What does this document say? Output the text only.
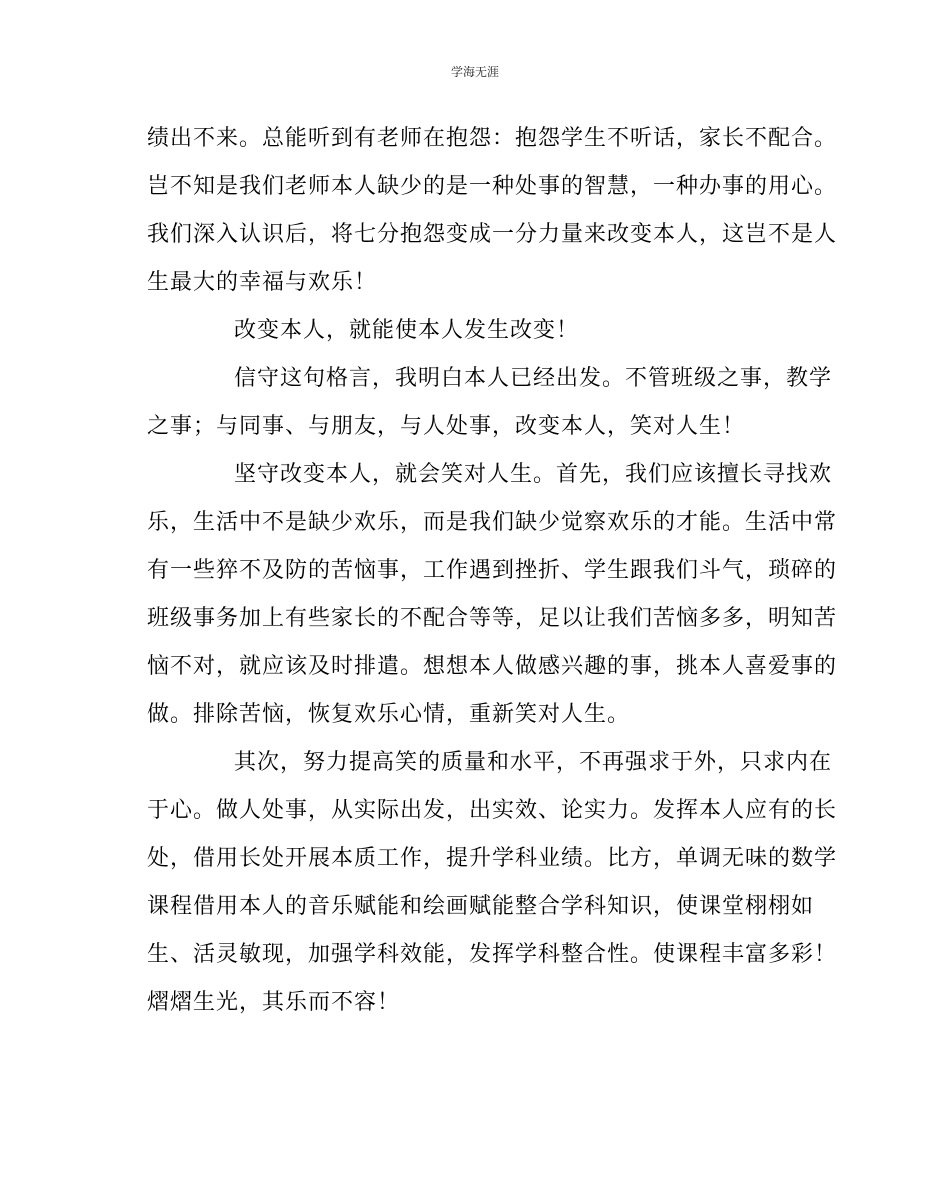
学海无涯
绩出不来。总能听到有老师在抱怨：抱怨学生不听话，家长不配合。
岂不知是我们老师本人缺少的是一种处事的智慧，一种办事的用心。
我们深入认识后，将七分抱怨变成一分力量来改变本人，这岂不是人
生最大的幸福与欢乐！
改变本人，就能使本人发生改变！
信守这句格言，我明白本人已经出发。不管班级之事，教学
之事；与同事、与朋友，与人处事，改变本人，笑对人生！
坚守改变本人，就会笑对人生。首先，我们应该擅长寻找欢
乐，生活中不是缺少欢乐，而是我们缺少觉察欢乐的才能。生活中常
有一些猝不及防的苦恼事，工作遇到挫折、学生跟我们斗气，琐碎的
班级事务加上有些家长的不配合等等，足以让我们苦恼多多，明知苦
恼不对，就应该及时排遣。想想本人做感兴趣的事，挑本人喜爱事的
做。排除苦恼，恢复欢乐心情，重新笑对人生。
其次，努力提高笑的质量和水平，不再强求于外，只求内在
于心。做人处事，从实际出发，出实效、论实力。发挥本人应有的长
处，借用长处开展本质工作，提升学科业绩。比方，单调无味的数学
课程借用本人的音乐赋能和绘画赋能整合学科知识，使课堂栩栩如
生、活灵敏现，加强学科效能，发挥学科整合性。使课程丰富多彩！
熠熠生光，其乐而不容！
